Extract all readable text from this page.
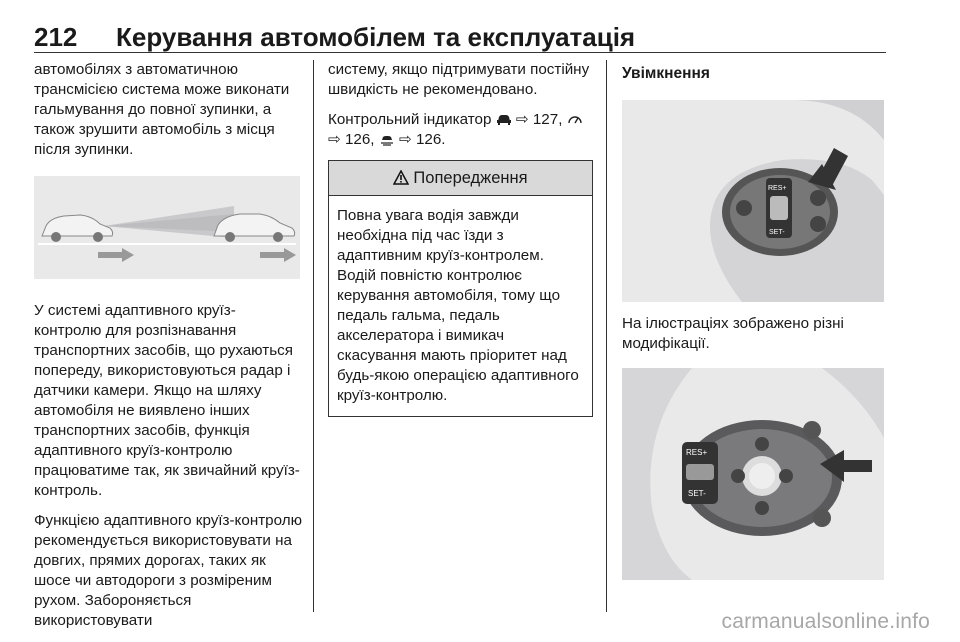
212 Керування автомобілем та експлуатація

автомобілях з автоматичною трансмісією система може виконати гальмування до повної зупинки, а також зрушити автомобіль з місця після зупинки.

У системі адаптивного круїз-контролю для розпізнавання транспортних засобів, що рухаються попереду, використовуються радар і датчики камери. Якщо на шляху автомобіля не виявлено інших транспортних засобів, функція адаптивного круїз-контролю працюватиме так, як звичайний круїз-контроль.

Функцією адаптивного круїз-контролю рекомендується використовувати на довгих, прямих дорогах, таких як шосе чи автодороги з розміреним рухом. Забороняється використовувати

систему, якщо підтримувати постійну швидкість не рекомендовано.

Контрольний індикатор ⇨ 127,
⇨ 126, ⇨ 126.

Попередження

Повна увага водія завжди необхідна під час їзди з адаптивним круїз-контролем. Водій повністю контролює керування автомобіля, тому що педаль гальма, педаль акселератора і вимикач скасування мають пріоритет над будь-якою операцією адаптивного круїз-контролю.

Увімкнення
RES+
SET-

На ілюстраціях зображено різні модифікації.

RES+
SET-
carmanualsonline.info
